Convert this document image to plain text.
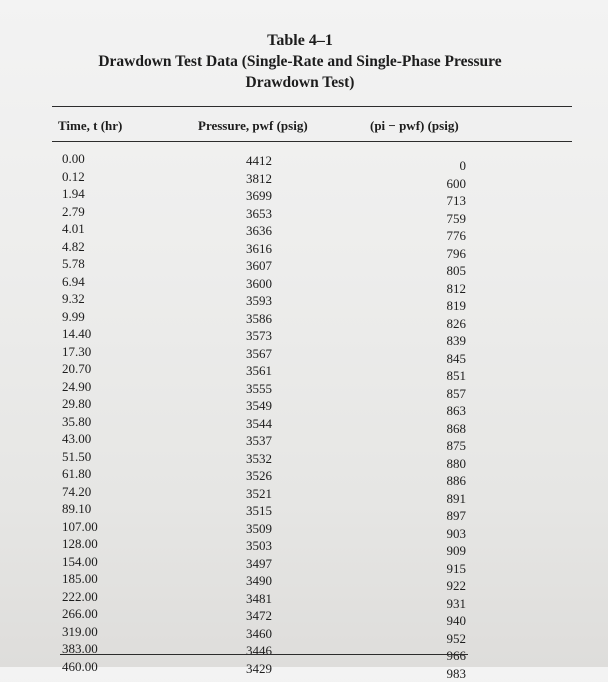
Table 4–1
Drawdown Test Data (Single-Rate and Single-Phase Pressure
Drawdown Test)
Time, t (hr)	Pressure, pwf (psig)	(pi − pwf) (psig)
0.00
0.12
1.94
2.79
4.01
4.82
5.78
6.94
9.32
9.99
14.40
17.30
20.70
24.90
29.80
35.80
43.00
51.50
61.80
74.20
89.10
107.00
128.00
154.00
185.00
222.00
266.00
319.00
383.00
460.00
4412
3812
3699
3653
3636
3616
3607
3600
3593
3586
3573
3567
3561
3555
3549
3544
3537
3532
3526
3521
3515
3509
3503
3497
3490
3481
3472
3460
3446
3429
0
600
713
759
776
796
805
812
819
826
839
845
851
857
863
868
875
880
886
891
897
903
909
915
922
931
940
952
966
983
